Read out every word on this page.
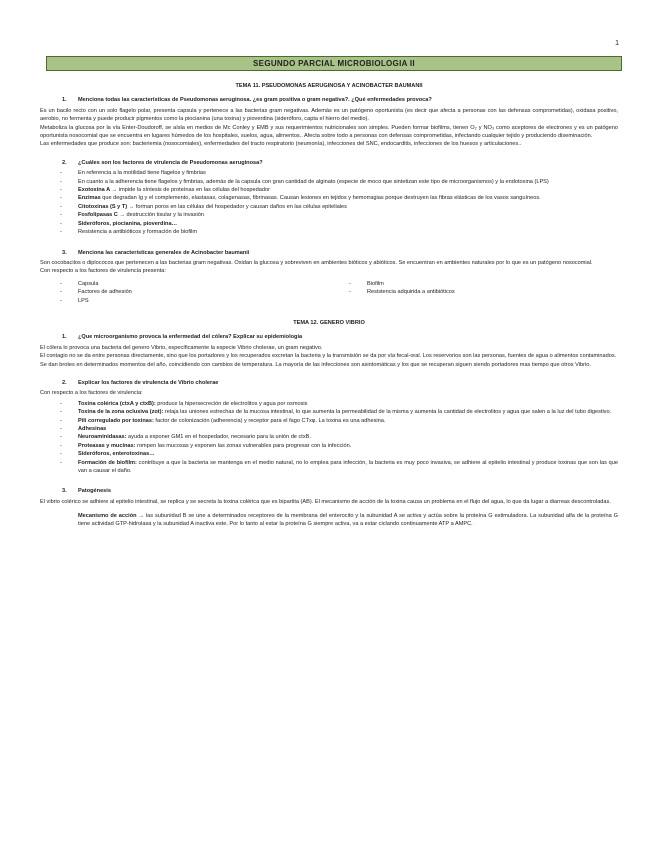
1
SEGUNDO PARCIAL MICROBIOLOGIA II
TEMA 11. PSEUDOMONAS AERUGINOSA Y ACINOBACTER BAUMANII
1. Menciona todas las características de Pseudomonas aeruginosa. ¿es gram positiva o gram negativa?. ¿Qué enfermedades provoca?

Es un bacilo recto con un solo flagelo polar, presenta capsula y pertenece a las bacterias gram negativas. Además es un patógeno oportunista (es decir que afecta a personas con las defensas comprometidas), oxidasa positivo, aerobio, no fermenta y puede producir pigmentos como la piocianina (una toxina) y pioverdina (sideróforo, capta el hierro del medio).

Metaboliza la glucosa por la vía Enter-Doudoroff, se aísla en medios de Mc Conley y EMB y sus requerimientos nutricionales son simples. Pueden formar biofilms, tienen O₂ y NO₃ como aceptores de electrones y es un patógeno oportunista nosocomial que se encuentra en lugares húmedos de los hospitales, suelos, agua, alimentos.. Afecta sobre todo a personas con defensas comprometidas, infectando cualquier tejido y produciendo diseminación.

Las enfermedades que produce son: bacteriemia (nosocomiales), enfermedades del tracto respiratorio (neumonía), infecciones del SNC, endocarditis, infecciones de los huesos y articulaciones..

2. ¿Cuáles son los factores de virulencia de Pseudomonas aeruginosa?
- En referencia a la motilidad tiene flagelos y fimbrias
- En cuanto a la adherencia tiene flagelos y fimbrias, además de la capsula con gran cantidad de alginato (especie de moco que sintetizan este tipo de microorganismos) y la endotoxina (LPS)
- Exotoxina A → impide la síntesis de proteínas en las células del hospedador
- Enzimas que degradan Ig y el complemento, elastasas, colagenasas, fibrinasas. Causan lesiones en tejidos y hemorragias porque destruyen las fibras elásticas de los vasos sanguíneos.
- Citotoxinas (S y T) → forman poros en las células del hospedador y causan daños en las células epiteliales
- Fosfolipasas C → destrucción tisular y la invasión
- Sideróforos, piocianina, pioverdina…
- Resistencia a antibióticos y formación de biofilm
3. Menciona las características generales de Acinobacter baumanii

Son cocobacilos o diplococos que pertenecen a las bacterias gram negativas. Oxidan la glucosa y sobreviven en ambientes bióticos y abióticos. Se encuentran en ambientes naturales por lo que es un patógeno nosocomial.

Con respecto a los factores de virulencia presenta:

- Capsula
- Factores de adhesión
- LPS
- Biofilm
- Resistencia adquirida a antibióticos
TEMA 12. GENERO VIBRIO
1. ¿Que microorganismo provoca la enfermedad del cólera? Explicar su epidemiología

El cólera lo provoca una bacteria del genero Vibrio, específicamente la especie Vibrio cholerae, un gram negativo.

El contagio no se da entre personas directamente, sino que los portadores y los recuperados excretan la bacteria y la transmisión se da por vía fecal-oral. Los reservorios son las personas, fuentes de agua o alimentos contaminados.

Se dan brotes en determinados momentos del año, coincidiendo con cambios de temperatura. La mayoría de las infecciones son asintomáticas y los que se recuperan siguen siendo portadores mas tiempo que otros Vibrio.

2. Explicar los factores de virulencia de Vibrio cholerae

Con respecto a los factores de virulencia:

- Toxina colérica (ctxA y ctxB): produce la hipersecreción de electrolitos y agua por osmosis
- Toxina de la zona oclusiva (zot): relaja las uniones estrechas de la mucosa intestinal, lo que aumenta la permeabilidad de la misma y aumenta la cantidad de electrolitos y agua que salen a la luz del tubo digestivo.
- Pili corregulado por toxinas: factor de colonización (adherencia) y receptor para el fago CTxφ. La toxina es una adhesina.
- Adhesinas
- Neuroaminidasas: ayuda a exponer GM1 en el hospedador, necesario para la unión de ctxB.
- Proteasas y mucinas: rompen las mucosas y exponen las zonas vulnerables para progresar con la infección.
- Sideróforos, enterotoxinas…
- Formación de biofilm: contribuye a que la bacteria se mantenga en el medio natural, no lo emplea para infección, la bacteria es muy poco invasiva, se adhiere al epitelio intestinal y produce toxinas que son las que van a causar el daño.
3. Patogénesis

El vibrio colérico se adhiere al epitelio intestinal, se replica y se secreta la toxina colérica que es bipartita (AB). El mecanismo de acción de la toxina causa un problema en el flujo del agua, lo que da lugar a diarreas descontroladas.

Mecanismo de acción → las subunidad B se une a determinados receptores de la membrana del enterocito y la subunidad A se activa y actúa sobre la proteína G estimuladora. La subunidad alfa de la proteína G tiene actividad GTP-hidrolasa y la subunidad A inactiva este. Por lo tanto al estar la proteína G siempre activa, va a estar ciclando continuamente ATP a AMPC.
